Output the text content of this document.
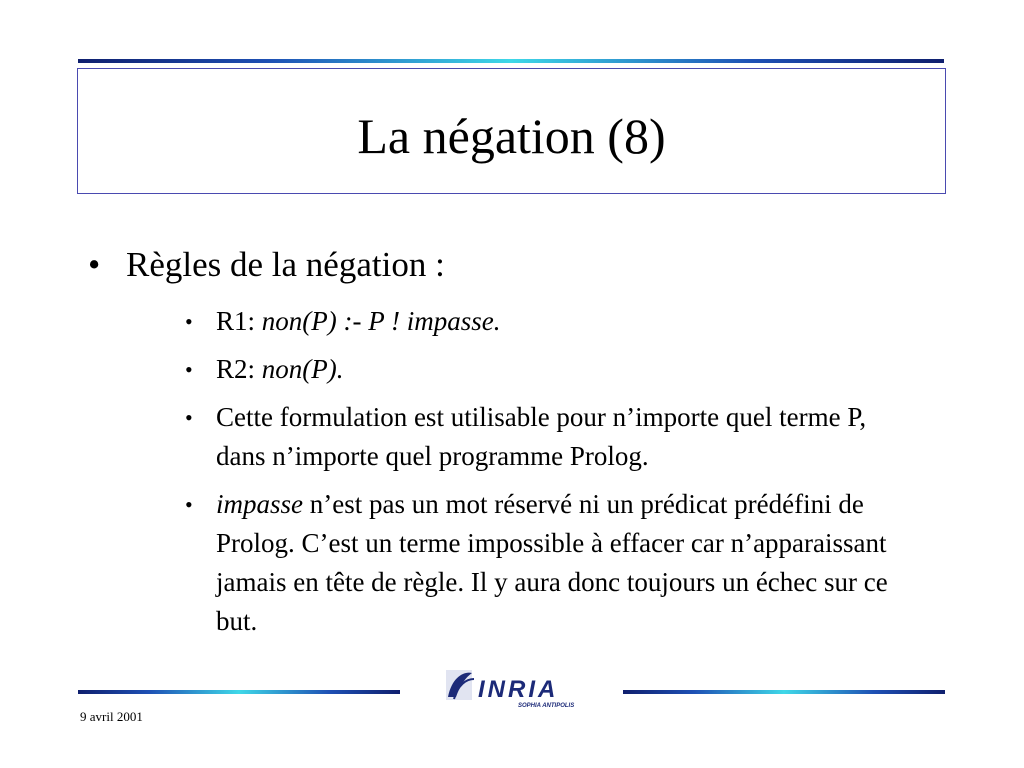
La négation (8)
• Règles de la négation :
• R1: non(P) :- P ! impasse.
• R2: non(P).
• Cette formulation est utilisable pour n’importe quel terme P, dans n’importe quel programme Prolog.
• impasse n’est pas un mot réservé ni un prédicat prédéfini de Prolog. C’est un terme impossible à effacer car n’apparaissant jamais en tête de règle. Il y aura donc toujours un échec sur ce but.
INRIA
SOPHIA ANTIPOLIS
9 avril 2001
